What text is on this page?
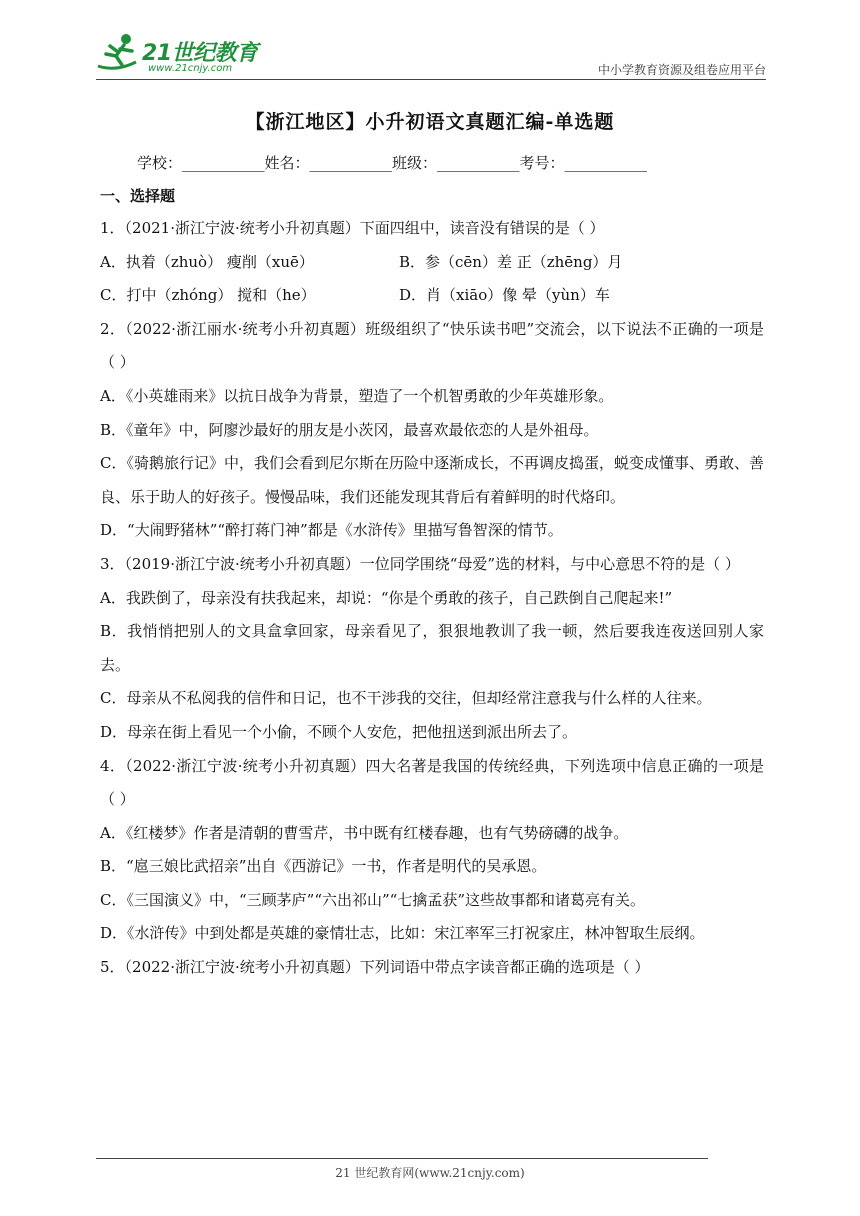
21世纪教育
www.21cnjy.com	中小学教育资源及组卷应用平台
【浙江地区】小升初语文真题汇编-单选题
学校：___________姓名：___________班级：___________考号：___________
一、选择题
1．（2021·浙江宁波·统考小升初真题）下面四组中，读音没有错误的是（ ）
A．执着（zhuò） 瘦削（xuē）	B．参（cēn）差 正（zhēng）月
C．打中（zhóng） 搅和（he）	D．肖（xiāo）像 晕（yùn）车
2．（2022·浙江丽水·统考小升初真题）班级组织了“快乐读书吧”交流会，以下说法不正确的一项是（ ）
A．《小英雄雨来》以抗日战争为背景，塑造了一个机智勇敢的少年英雄形象。
B．《童年》中，阿廖沙最好的朋友是小茨冈，最喜欢最依恋的人是外祖母。
C．《骑鹅旅行记》中，我们会看到尼尔斯在历险中逐渐成长，不再调皮捣蛋，蜕变成懂事、勇敢、善良、乐于助人的好孩子。慢慢品味，我们还能发现其背后有着鲜明的时代烙印。
D．“大闹野猪林”“醉打蒋门神”都是《水浒传》里描写鲁智深的情节。
3．（2019·浙江宁波·统考小升初真题）一位同学围绕“母爱”选的材料，与中心意思不符的是（ ）
A．我跌倒了，母亲没有扶我起来，却说：“你是个勇敢的孩子，自己跌倒自己爬起来!”
B．我悄悄把别人的文具盒拿回家，母亲看见了，狠狠地教训了我一顿，然后要我连夜送回别人家去。
C．母亲从不私阅我的信件和日记，也不干涉我的交往，但却经常注意我与什么样的人往来。
D．母亲在街上看见一个小偷，不顾个人安危，把他扭送到派出所去了。
4．（2022·浙江宁波·统考小升初真题）四大名著是我国的传统经典，下列选项中信息正确的一项是（ ）
A．《红楼梦》作者是清朝的曹雪芹，书中既有红楼春趣，也有气势磅礴的战争。
B．“扈三娘比武招亲”出自《西游记》一书，作者是明代的吴承恩。
C．《三国演义》中，“三顾茅庐”“六出祁山”“七擒孟获”这些故事都和诸葛亮有关。
D．《水浒传》中到处都是英雄的豪情壮志，比如：宋江率军三打祝家庄，林冲智取生辰纲。
5．（2022·浙江宁波·统考小升初真题）下列词语中带点字读音都正确的选项是（ ）
21 世纪教育网(www.21cnjy.com)
